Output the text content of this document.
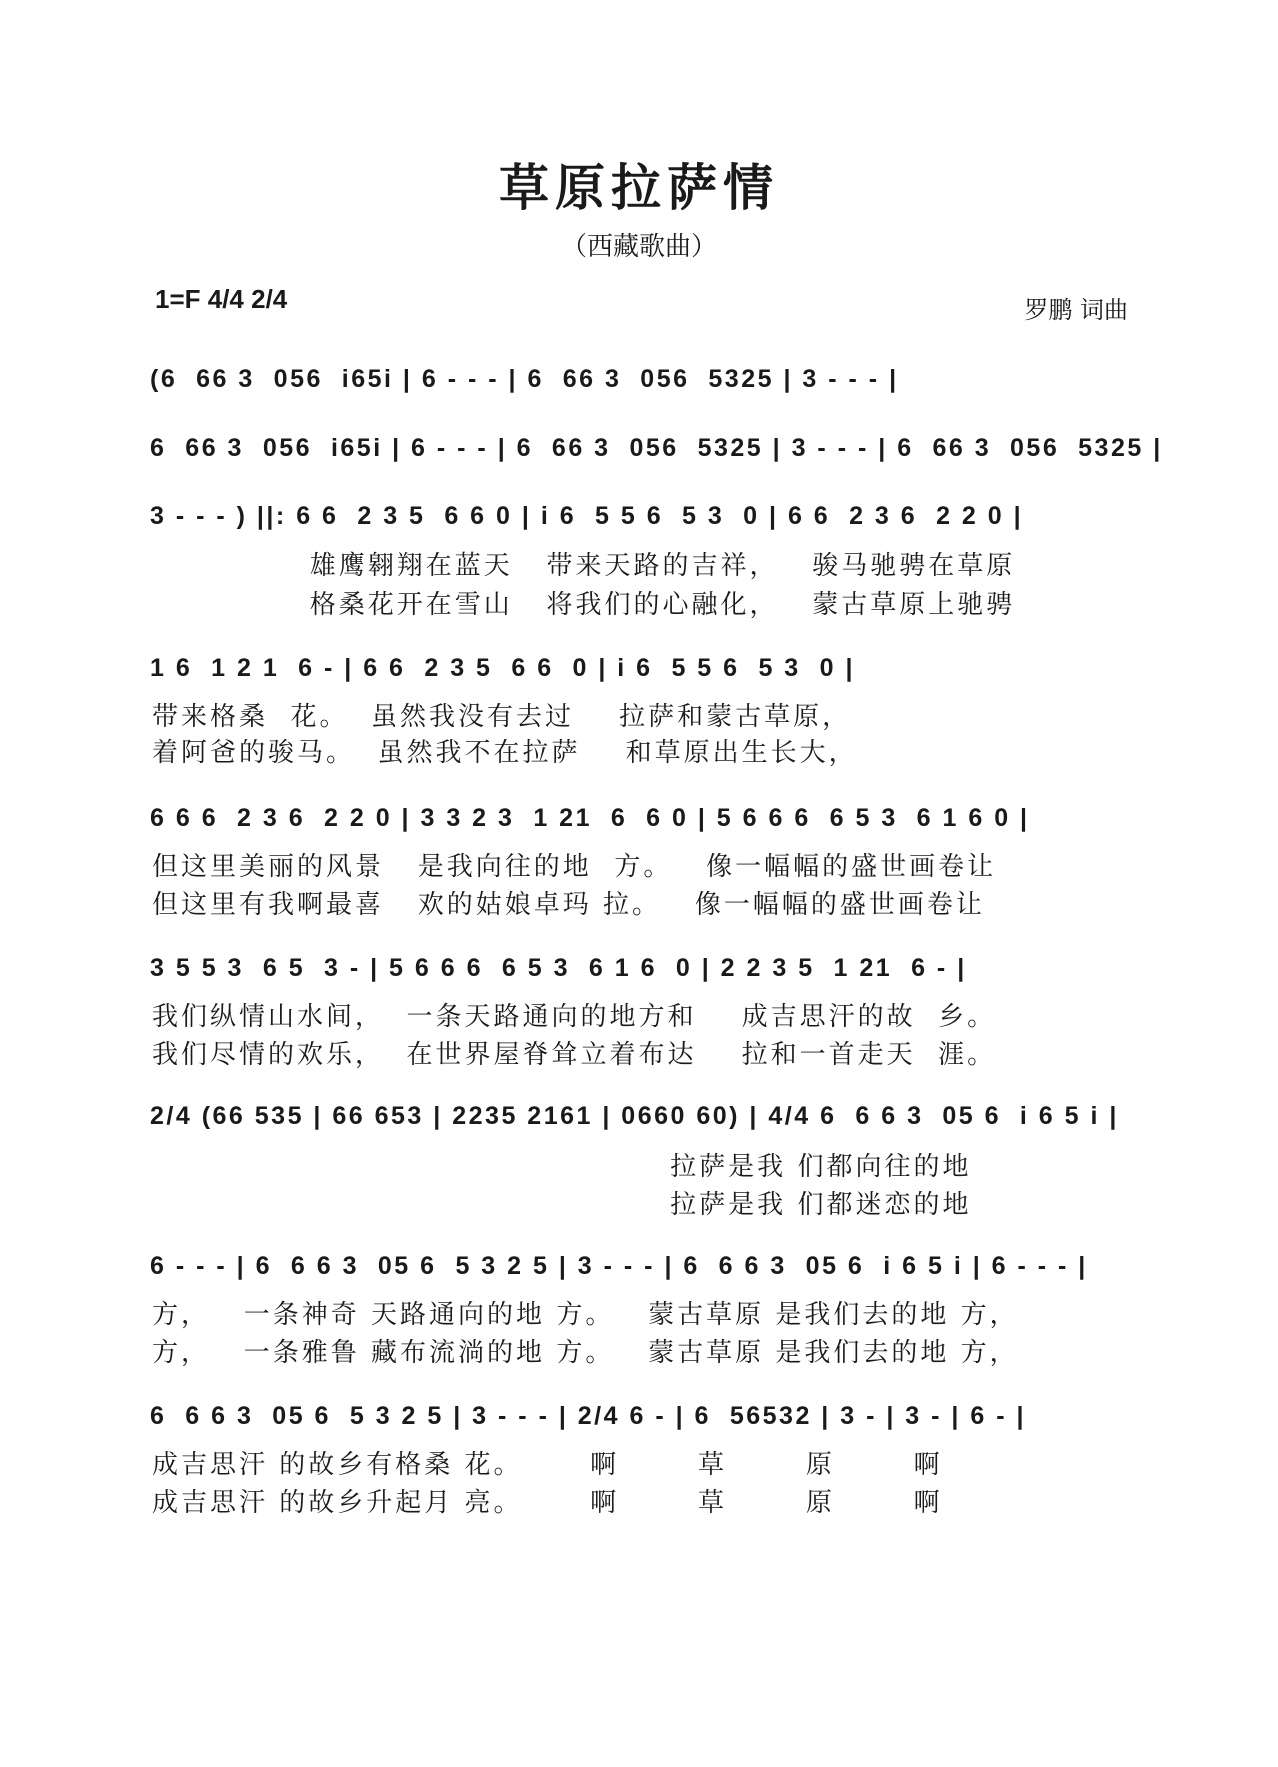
草原拉萨情
（西藏歌曲）
1=F 4/4 2/4	罗鹏 词曲
(6  66 3  056  i65i | 6 - - - | 6  66 3  056  5325 | 3 - - - |
6  66 3  056  i65i | 6 - - - | 6  66 3  056  5325 | 3 - - - | 6  66 3  056  5325 |
3 - - - ) ||: 6 6  2 3 5  6 6 0 | i 6  5 5 6  5 3  0 | 6 6  2 3 6  2 2 0 |
雄鹰翱翔在蓝天   带来天路的吉祥，   骏马驰骋在草原
格桑花开在雪山   将我们的心融化，   蒙古草原上驰骋
1 6  1 2 1  6 - | 6 6  2 3 5  6 6  0 | i 6  5 5 6  5 3  0 |
带来格桑  花。  虽然我没有去过    拉萨和蒙古草原，
着阿爸的骏马。  虽然我不在拉萨    和草原出生长大，
6 6 6  2 3 6  2 2 0 | 3 3 2 3  1 21  6  6 0 | 5 6 6 6  6 5 3  6 1 6 0 |
但这里美丽的风景   是我向往的地  方。   像一幅幅的盛世画卷让
但这里有我啊最喜   欢的姑娘卓玛 拉。   像一幅幅的盛世画卷让
3 5 5 3  6 5  3 - | 5 6 6 6  6 5 3  6 1 6  0 | 2 2 3 5  1 21  6 - |
我们纵情山水间，  一条天路通向的地方和    成吉思汗的故  乡。
我们尽情的欢乐，  在世界屋脊耸立着布达    拉和一首走天  涯。
2/4 (66 535 | 66 653 | 2235 2161 | 0660 60) | 4/4 6  6 6 3  05 6  i 6 5 i |
拉萨是我 们都向往的地
拉萨是我 们都迷恋的地
6 - - - | 6  6 6 3  05 6  5 3 2 5 | 3 - - - | 6  6 6 3  05 6  i 6 5 i | 6 - - - |
方，   一条神奇 天路通向的地 方。   蒙古草原 是我们去的地 方，
方，   一条雅鲁 藏布流淌的地 方。   蒙古草原 是我们去的地 方，
6  6 6 3  05 6  5 3 2 5 | 3 - - - | 2/4 6 - | 6  56532 | 3 - | 3 - | 6 - |
成吉思汗 的故乡有格桑 花。      啊       草       原       啊
成吉思汗 的故乡升起月 亮。      啊       草       原       啊
